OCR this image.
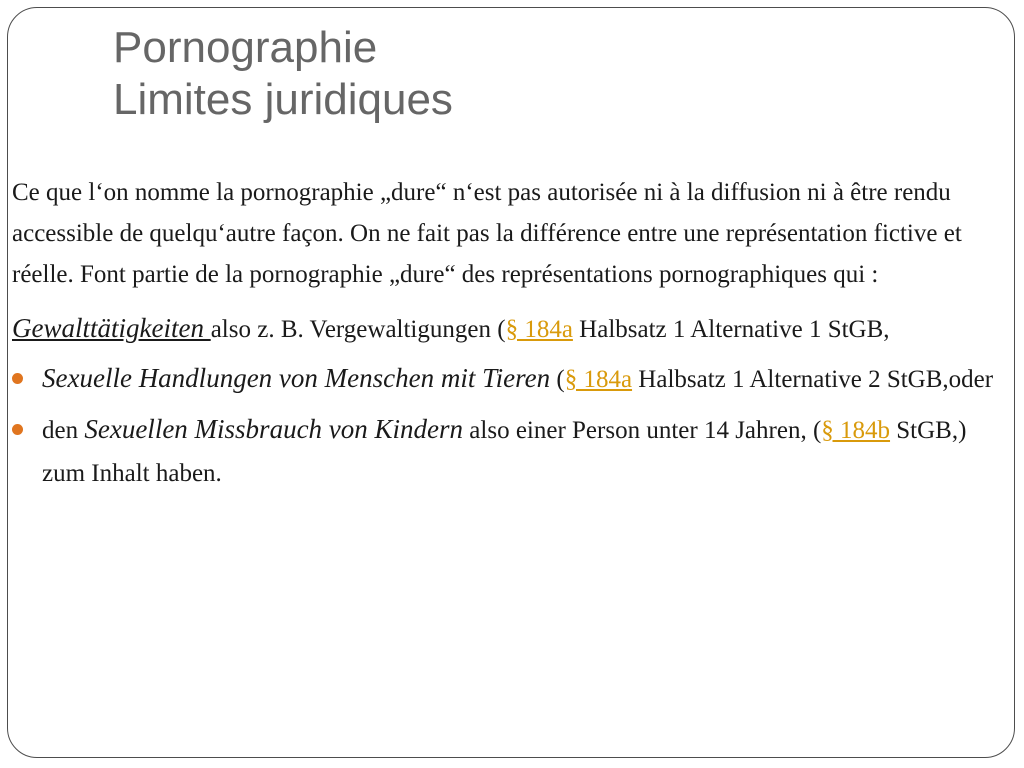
Pornographie
Limites juridiques

Ce que l‘on nomme la pornographie „dure“ n‘est pas autorisée ni à la diffusion ni à être rendu accessible de quelqu‘autre façon. On ne fait pas la différence entre une représentation fictive et réelle. Font partie de la pornographie „dure“ des représentations pornographiques qui :

Gewalttätigkeiten also z. B. Vergewaltigungen (§ 184a Halbsatz 1 Alternative 1 StGB,

Sexuelle Handlungen von Menschen mit Tieren (§ 184a Halbsatz 1 Alternative 2 StGB,oder
den Sexuellen Missbrauch von Kindern also einer Person unter 14 Jahren, (§ 184b StGB,) zum Inhalt haben.
